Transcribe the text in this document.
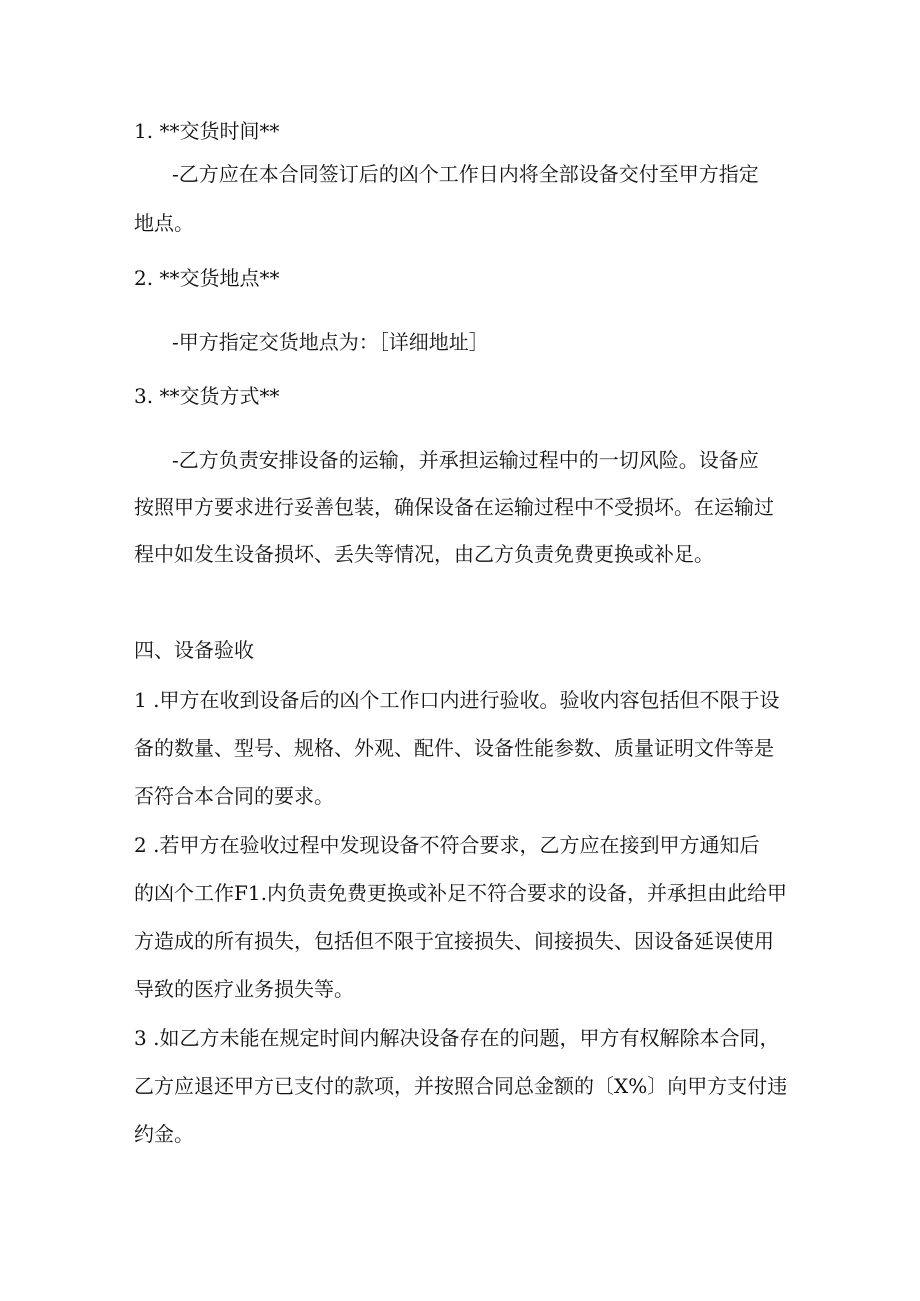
1. **交货时间**
-乙方应在本合同签订后的凶个工作日内将全部设备交付至甲方指定
地点。
2. **交货地点**
-甲方指定交货地点为：［详细地址］
3. **交货方式**
-乙方负责安排设备的运输，并承担运输过程中的一切风险。设备应
按照甲方要求进行妥善包装，确保设备在运输过程中不受损坏。在运输过
程中如发生设备损坏、丢失等情况，由乙方负责免费更换或补足。
四、设备验收
1 .甲方在收到设备后的凶个工作口内进行验收。验收内容包括但不限于设
备的数量、型号、规格、外观、配件、设备性能参数、质量证明文件等是
否符合本合同的要求。
2 .若甲方在验收过程中发现设备不符合要求，乙方应在接到甲方通知后
的凶个工作F1.内负责免费更换或补足不符合要求的设备，并承担由此给甲
方造成的所有损失，包括但不限于宜接损失、间接损失、因设备延误使用
导致的医疗业务损失等。
3 .如乙方未能在规定时间内解决设备存在的问题，甲方有权解除本合同，
乙方应退还甲方已支付的款项，并按照合同总金额的〔X%〕向甲方支付违
约金。
